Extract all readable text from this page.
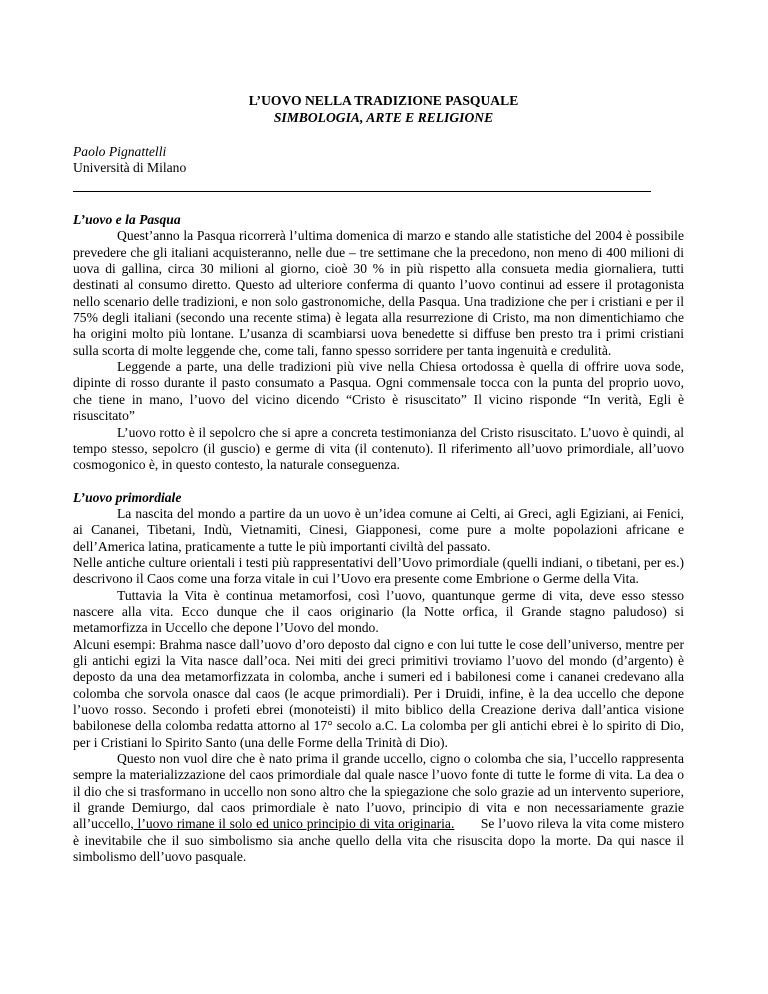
L’UOVO NELLA TRADIZIONE PASQUALE
SIMBOLOGIA, ARTE E RELIGIONE
Paolo Pignattelli
Università di Milano
L’uovo e la Pasqua

Quest’anno la Pasqua ricorrerà l’ultima domenica di marzo e stando alle statistiche del 2004 è possibile prevedere che gli italiani acquisteranno, nelle due – tre settimane che la precedono, non meno di 400 milioni di uova di gallina, circa 30 milioni al giorno, cioè 30 % in più rispetto alla consueta media giornaliera, tutti destinati al consumo diretto. Questo ad ulteriore conferma di quanto l’uovo continui ad essere il protagonista nello scenario delle tradizioni, e non solo gastronomiche, della Pasqua. Una tradizione che per i cristiani e per il 75% degli italiani (secondo una recente stima) è legata alla resurrezione di Cristo, ma non dimentichiamo che ha origini molto più lontane. L’usanza di scambiarsi uova benedette si diffuse ben presto tra i primi cristiani sulla scorta di molte leggende che, come tali, fanno spesso sorridere per tanta ingenuità e credulità.

Leggende a parte, una delle tradizioni più vive nella Chiesa ortodossa è quella di offrire uova sode, dipinte di rosso durante il pasto consumato a Pasqua. Ogni commensale tocca con la punta del proprio uovo, che tiene in mano, l’uovo del vicino dicendo “Cristo è risuscitato” Il vicino risponde “In verità, Egli è risuscitato”

L’uovo rotto è il sepolcro che si apre a concreta testimonianza del Cristo risuscitato. L’uovo è quindi, al tempo stesso, sepolcro (il guscio) e germe di vita (il contenuto). Il riferimento all’uovo primordiale, all’uovo cosmogonico è, in questo contesto, la naturale conseguenza.

L’uovo primordiale

La nascita del mondo a partire da un uovo è un’idea comune ai Celti, ai Greci, agli Egiziani, ai Fenici, ai Cananei, Tibetani, Indù, Vietnamiti, Cinesi, Giapponesi, come pure a molte popolazioni africane e dell’America latina, praticamente a tutte le più importanti civiltà del passato.

Nelle antiche culture orientali i testi più rappresentativi dell’Uovo primordiale (quelli indiani, o tibetani, per es.) descrivono il Caos come una forza vitale in cui l’Uovo era presente come Embrione o Germe della Vita.

Tuttavia la Vita è continua metamorfosi, così l’uovo, quantunque germe di vita, deve esso stesso nascere alla vita. Ecco dunque che il caos originario (la Notte orfica, il Grande stagno paludoso) si metamorfizza in Uccello che depone l’Uovo del mondo.

Alcuni esempi: Brahma nasce dall’uovo d’oro deposto dal cigno e con lui tutte le cose dell’universo, mentre per gli antichi egizi la Vita nasce dall’oca. Nei miti dei greci primitivi troviamo l’uovo del mondo (d’argento) è deposto da una dea metamorfizzata in colomba, anche i sumeri ed i babilonesi come i cananei credevano alla colomba che sorvola onasce dal caos (le acque primordiali). Per i Druidi, infine, è la dea uccello che depone l’uovo rosso. Secondo i profeti ebrei (monoteisti) il mito biblico della Creazione deriva dall’antica visione babilonese della colomba redatta attorno al 17° secolo a.C. La colomba per gli antichi ebrei è lo spirito di Dio, per i Cristiani lo Spirito Santo (una delle Forme della Trinità di Dio).

Questo non vuol dire che è nato prima il grande uccello, cigno o colomba che sia, l’uccello rappresenta sempre la materializzazione del caos primordiale dal quale nasce l’uovo fonte di tutte le forme di vita. La dea o il dio che si trasformano in uccello non sono altro che la spiegazione che solo grazie ad un intervento superiore, il grande Demiurgo, dal caos primordiale è nato l’uovo, principio di vita e non necessariamente grazie all’uccello, l’uovo rimane il solo ed unico principio di vita originaria. Se l’uovo rileva la vita come mistero è inevitabile che il suo simbolismo sia anche quello della vita che risuscita dopo la morte. Da qui nasce il simbolismo dell’uovo pasquale.
